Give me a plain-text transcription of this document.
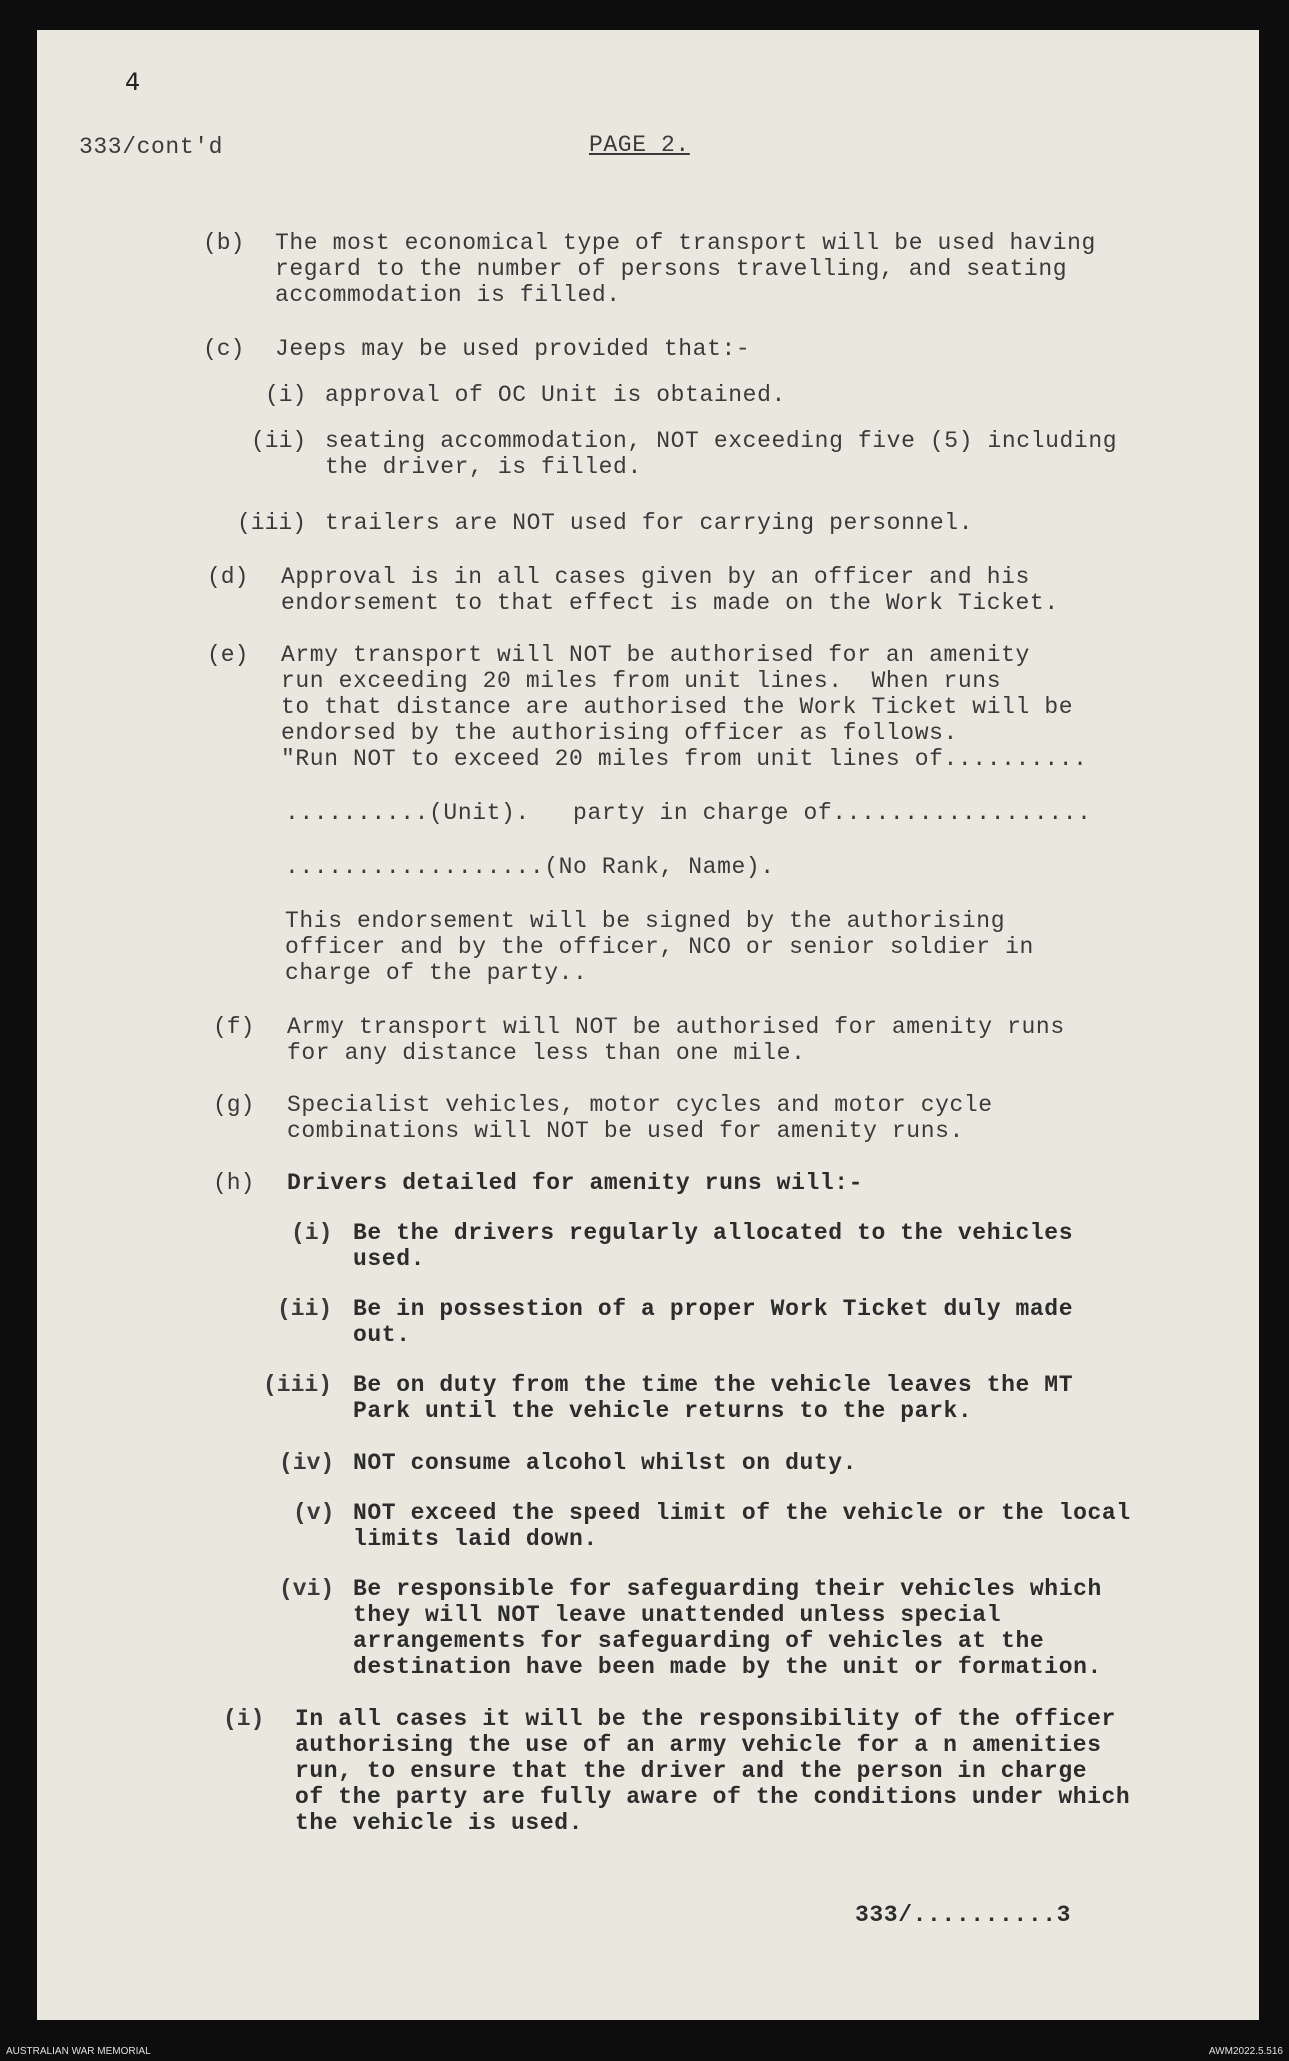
4
333/cont'd	PAGE 2.
(b) The most economical type of transport will be used having
regard to the number of persons travelling, and seating
accommodation is filled.
(c) Jeeps may be used provided that:-
(i) approval of OC Unit is obtained.
(ii) seating accommodation, NOT exceeding five (5) including
the driver, is filled.
(iii) trailers are NOT used for carrying personnel.
(d) Approval is in all cases given by an officer and his
endorsement to that effect is made on the Work Ticket.
(e) Army transport will NOT be authorised for an amenity
run exceeding 20 miles from unit lines.  When runs
to that distance are authorised the Work Ticket will be
endorsed by the authorising officer as follows.
"Run NOT to exceed 20 miles from unit lines of..........
..........(Unit).   party in charge of..................
..................(No Rank, Name).
This endorsement will be signed by the authorising
officer and by the officer, NCO or senior soldier in
charge of the party..
(f) Army transport will NOT be authorised for amenity runs
for any distance less than one mile.
(g) Specialist vehicles, motor cycles and motor cycle
combinations will NOT be used for amenity runs.
(h) Drivers detailed for amenity runs will:-
(i) Be the drivers regularly allocated to the vehicles
used.
(ii) Be in possestion of a proper Work Ticket duly made
out.
(iii) Be on duty from the time the vehicle leaves the MT
Park until the vehicle returns to the park.
(iv) NOT consume alcohol whilst on duty.
(v) NOT exceed the speed limit of the vehicle or the local
limits laid down.
(vi) Be responsible for safeguarding their vehicles which
they will NOT leave unattended unless special
arrangements for safeguarding of vehicles at the
destination have been made by the unit or formation.
(i) In all cases it will be the responsibility of the officer
authorising the use of an army vehicle for a n amenities
run, to ensure that the driver and the person in charge
of the party are fully aware of the conditions under which
the vehicle is used.
333/..........3
AUSTRALIAN WAR MEMORIAL	AWM2022.5.516
